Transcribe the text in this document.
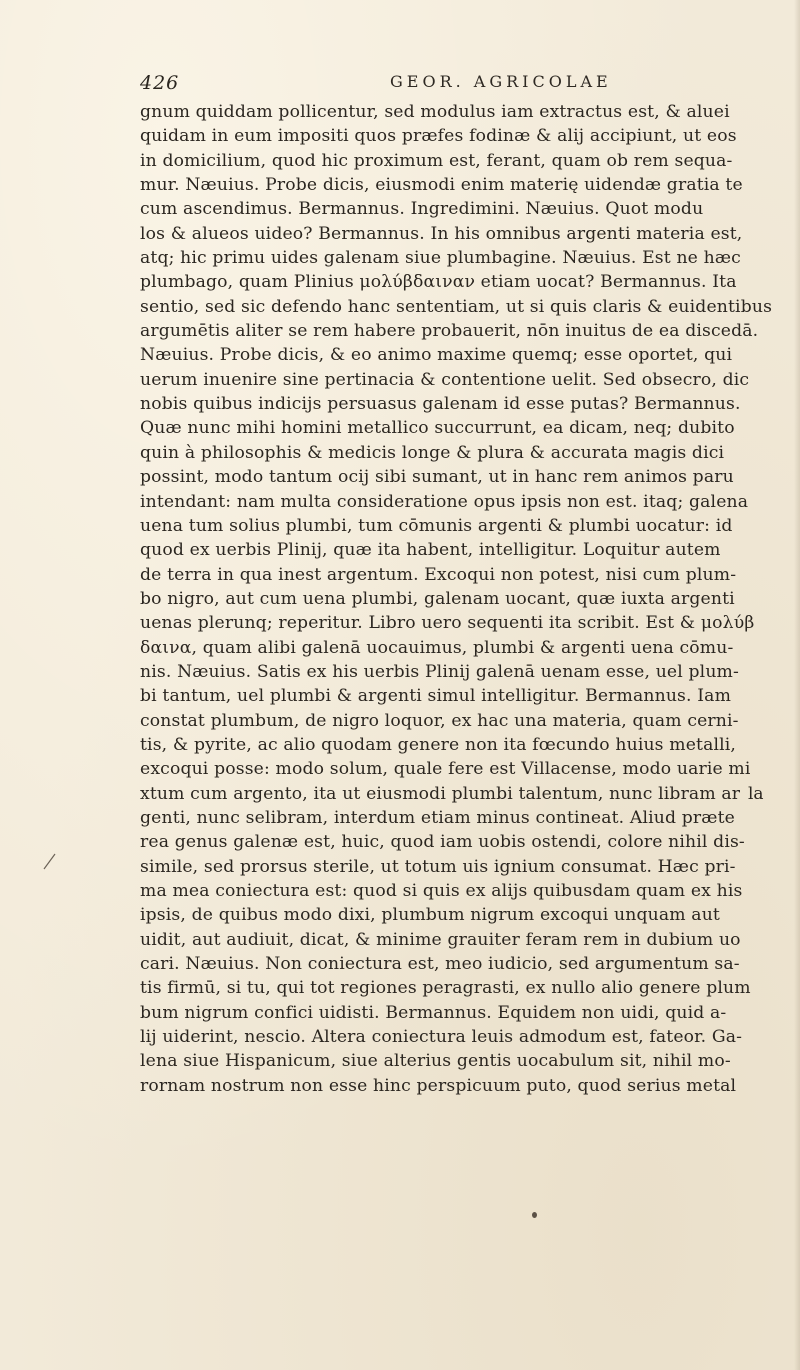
426	GEOR. AGRICOLAE
gnum quiddam pollicentur, sed modulus iam extractus est, & aluei
quidam in eum impositi quos præfes fodinæ & alij accipiunt, ut eos
in domicilium, quod hic proximum est, ferant, quam ob rem sequa-
mur. Næuius. Probe dicis, eiusmodi enim materię uidendæ gratia te
cum ascendimus. Bermannus. Ingredimini. Næuius. Quot modu
los & alueos uideo? Bermannus. In his omnibus argenti materia est,
atq; hic primu uides galenam siue plumbagine. Næuius. Est ne hæc
plumbago, quam Plinius μολύβδαιναν etiam uocat? Bermannus. Ita
sentio, sed sic defendo hanc sententiam, ut si quis claris & euidentibus
argumētis aliter se rem habere probauerit, nōn inuitus de ea discedā.
Næuius. Probe dicis, & eo animo maxime quemq; esse oportet, qui
uerum inuenire sine pertinacia & contentione uelit. Sed obsecro, dic
nobis quibus indicijs persuasus galenam id esse putas? Bermannus.
Quæ nunc mihi homini metallico succurrunt, ea dicam, neq; dubito
quin à philosophis & medicis longe & plura & accurata magis dici
possint, modo tantum ocij sibi sumant, ut in hanc rem animos paru
intendant: nam multa consideratione opus ipsis non est. itaq; galena
uena tum solius plumbi, tum cōmunis argenti & plumbi uocatur: id
quod ex uerbis Plinij, quæ ita habent, intelligitur. Loquitur autem
de terra in qua inest argentum. Excoqui non potest, nisi cum plum-
bo nigro, aut cum uena plumbi, galenam uocant, quæ iuxta argenti
uenas plerunq; reperitur. Libro uero sequenti ita scribit. Est & μολύβ
δαινα, quam alibi galenā uocauimus, plumbi & argenti uena cōmu-
nis. Næuius. Satis ex his uerbis Plinij galenā uenam esse, uel plum-
bi tantum, uel plumbi & argenti simul intelligitur. Bermannus. Iam
constat plumbum, de nigro loquor, ex hac una materia, quam cerni-
tis, & pyrite, ac alio quodam genere non ita fœcundo huius metalli,
excoqui posse: modo solum, quale fere est Villacense, modo uarie mi
xtum cum argento, ita ut eiusmodi plumbi talentum, nunc libram ar
genti, nunc selibram, interdum etiam minus contineat. Aliud præte
rea genus galenæ est, huic, quod iam uobis ostendi, colore nihil dis-
simile, sed prorsus sterile, ut totum uis ignium consumat. Hæc pri-
ma mea coniectura est: quod si quis ex alijs quibusdam quam ex his
ipsis, de quibus modo dixi, plumbum nigrum excoqui unquam aut
uidit, aut audiuit, dicat, & minime grauiter feram rem in dubium uo
cari. Næuius. Non coniectura est, meo iudicio, sed argumentum sa-
tis firmū, si tu, qui tot regiones peragrasti, ex nullo alio genere plum
bum nigrum confici uidisti. Bermannus. Equidem non uidi, quid a-
lij uiderint, nescio. Altera coniectura leuis admodum est, fateor. Ga-
lena siue Hispanicum, siue alterius gentis uocabulum sit, nihil mo-
rornam nostrum non esse hinc perspicuum puto, quod serius metal
la
